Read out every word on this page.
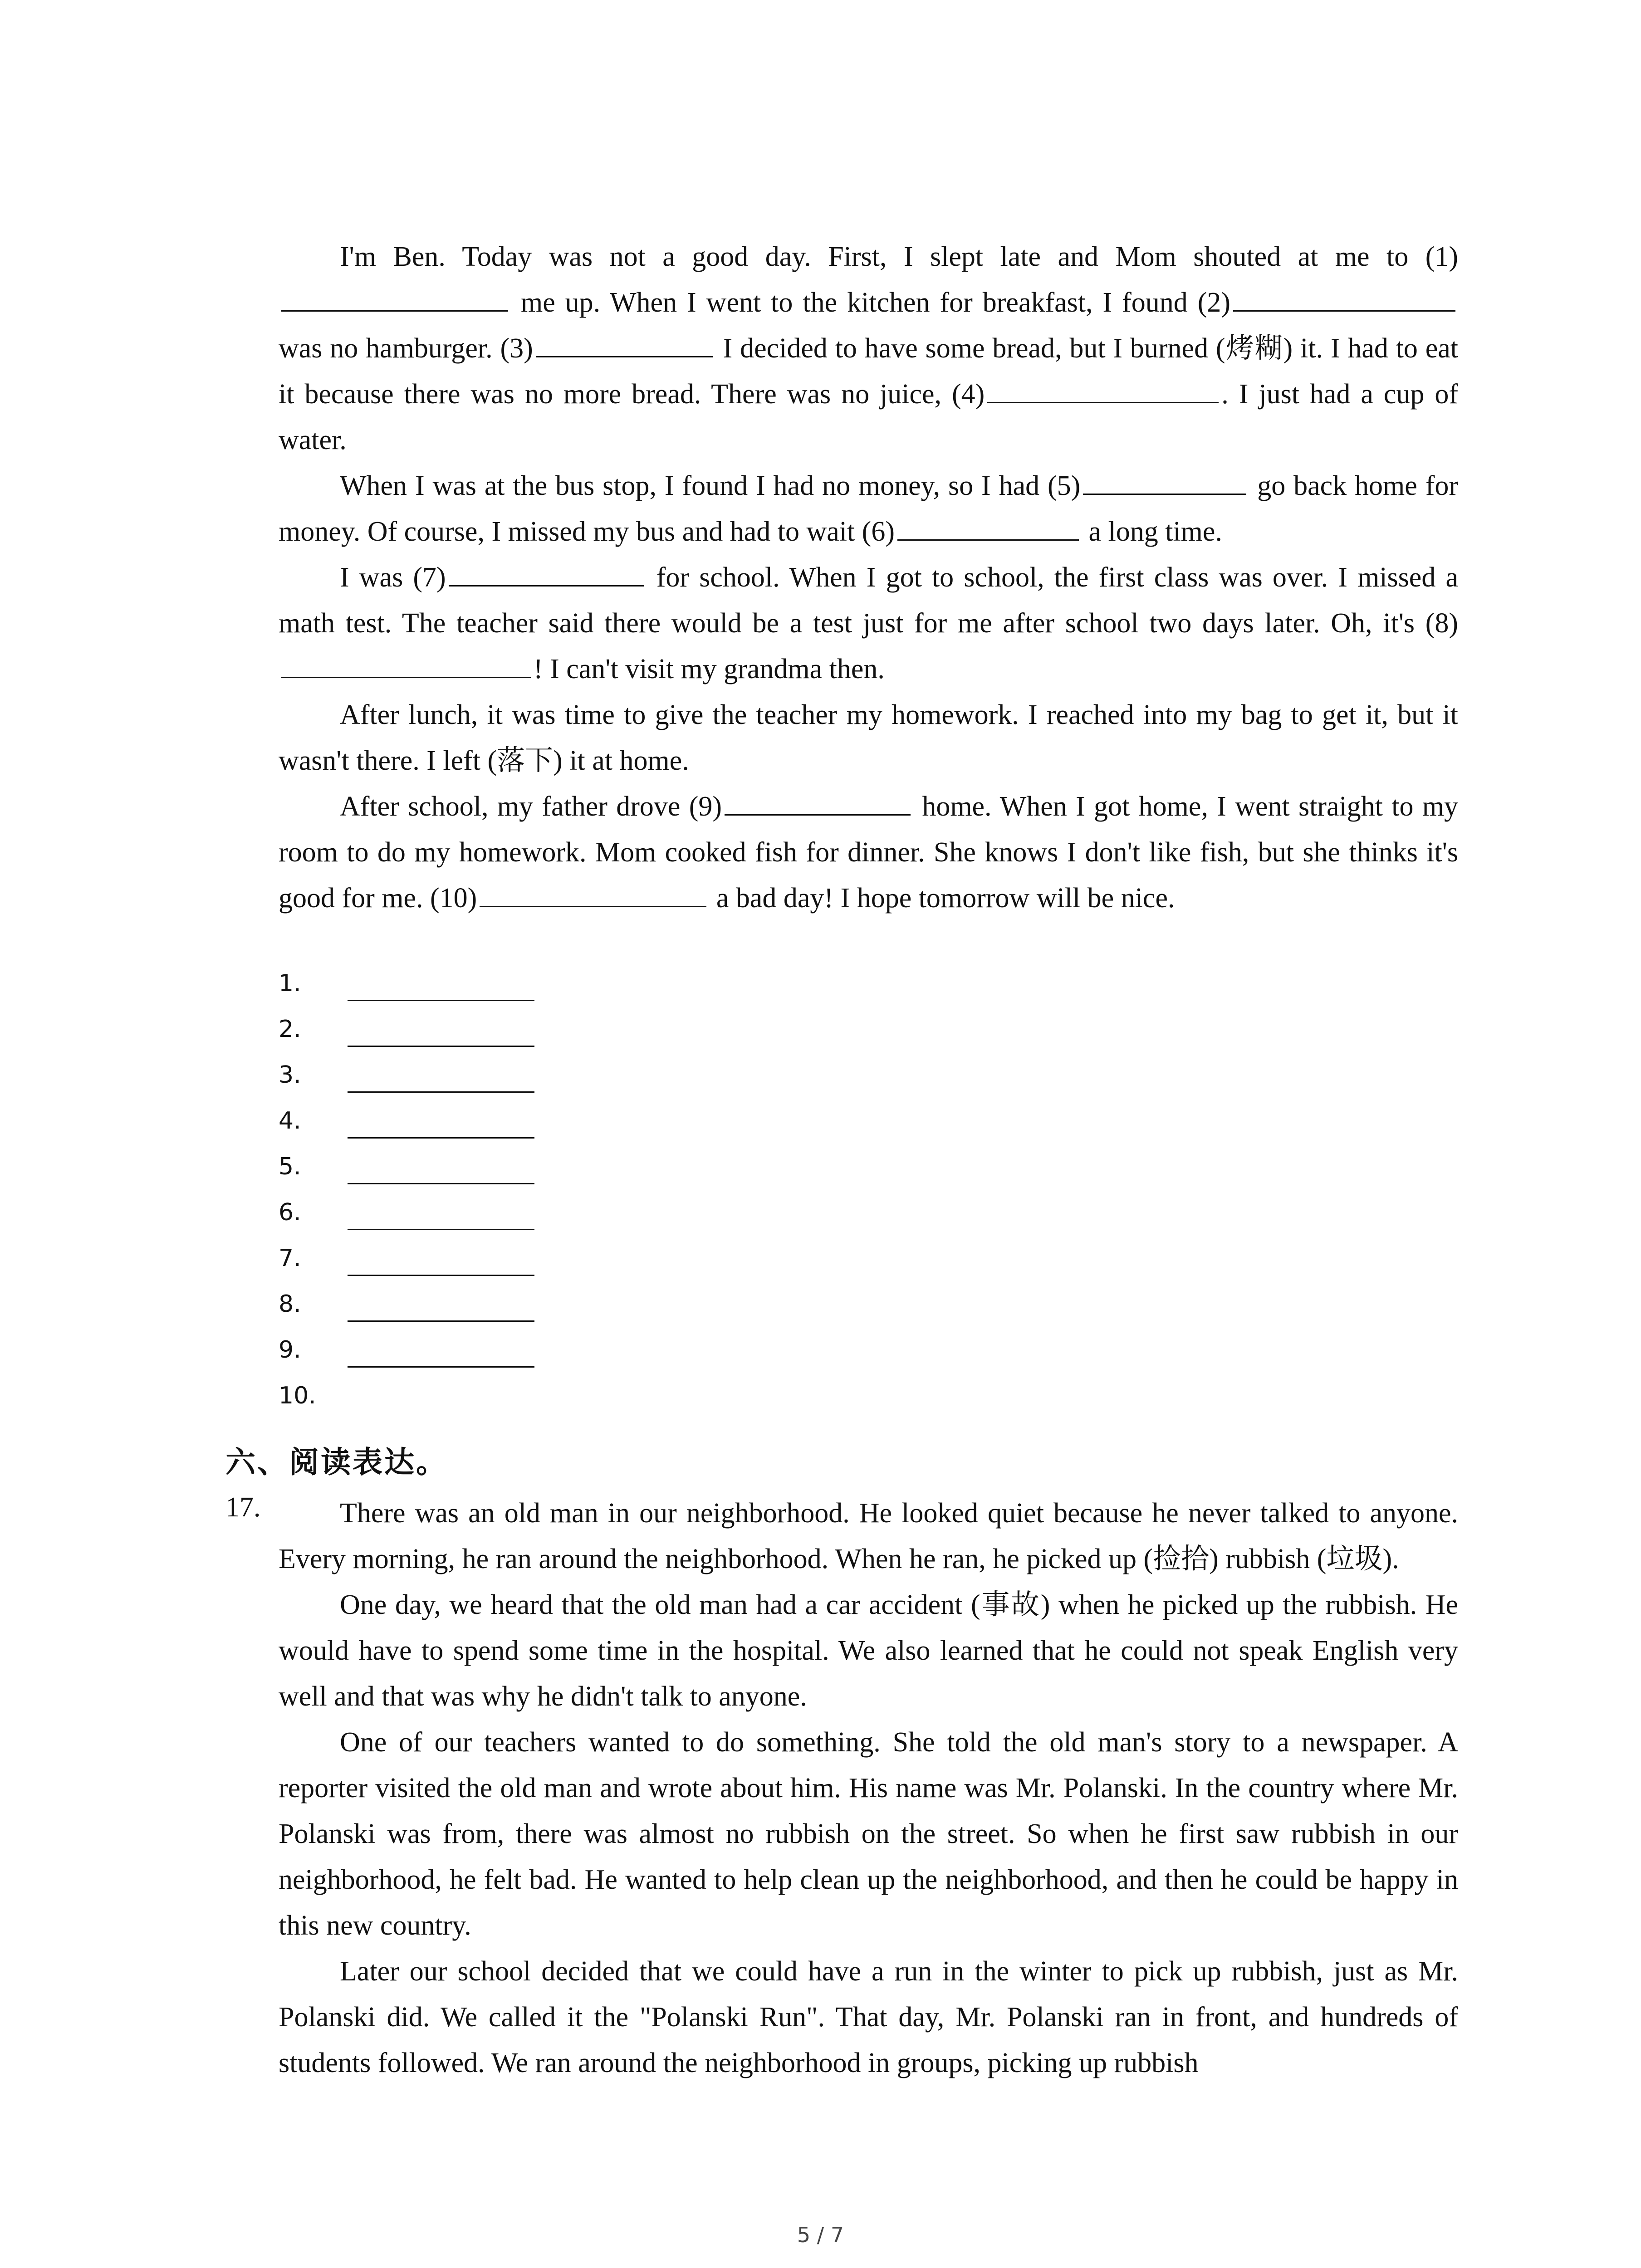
I'm Ben. Today was not a good day. First, I slept late and Mom shouted at me to (1) me up. When I went to the kitchen for breakfast, I found (2) was no hamburger. (3)	I decided to have some bread, but I burned (烤糊) it. I had to eat it because there was no more bread. There was no juice, (4)	. I just had a cup of water.

When I was at the bus stop, I found I had no money, so I had (5)	go back home for money. Of course, I missed my bus and had to wait (6)	a long time.

I was (7)	for school. When I got to school, the first class was over. I missed a math test. The teacher said there would be a test just for me after school two days later. Oh, it's (8)! I can't visit my grandma then.

After lunch, it was time to give the teacher my homework. I reached into my bag to get it, but it wasn't there. I left (落下) it at home.

After school, my father drove (9)	home. When I got home, I went straight to my room to do my homework. Mom cooked fish for dinner. She knows I don't like fish, but she thinks it's good for me. (10)	a bad day! I hope tomorrow will be nice.

1.
2.
3.
4.
5.
6.
7.
8.
9.
10.
六、阅读表达。
17.	There was an old man in our neighborhood. He looked quiet because he never talked to anyone. Every morning, he ran around the neighborhood. When he ran, he picked up (捡拾) rubbish (垃圾).

One day, we heard that the old man had a car accident (事故) when he picked up the rubbish. He would have to spend some time in the hospital. We also learned that he could not speak English very well and that was why he didn't talk to anyone.

One of our teachers wanted to do something. She told the old man's story to a newspaper. A reporter visited the old man and wrote about him. His name was Mr. Polanski. In the country where Mr. Polanski was from, there was almost no rubbish on the street. So when he first saw rubbish in our neighborhood, he felt bad. He wanted to help clean up the neighborhood, and then he could be happy in this new country.

Later our school decided that we could have a run in the winter to pick up rubbish, just as Mr. Polanski did. We called it the "Polanski Run". That day, Mr. Polanski ran in front, and hundreds of students followed. We ran around the neighborhood in groups, picking up rubbish

5 / 7
